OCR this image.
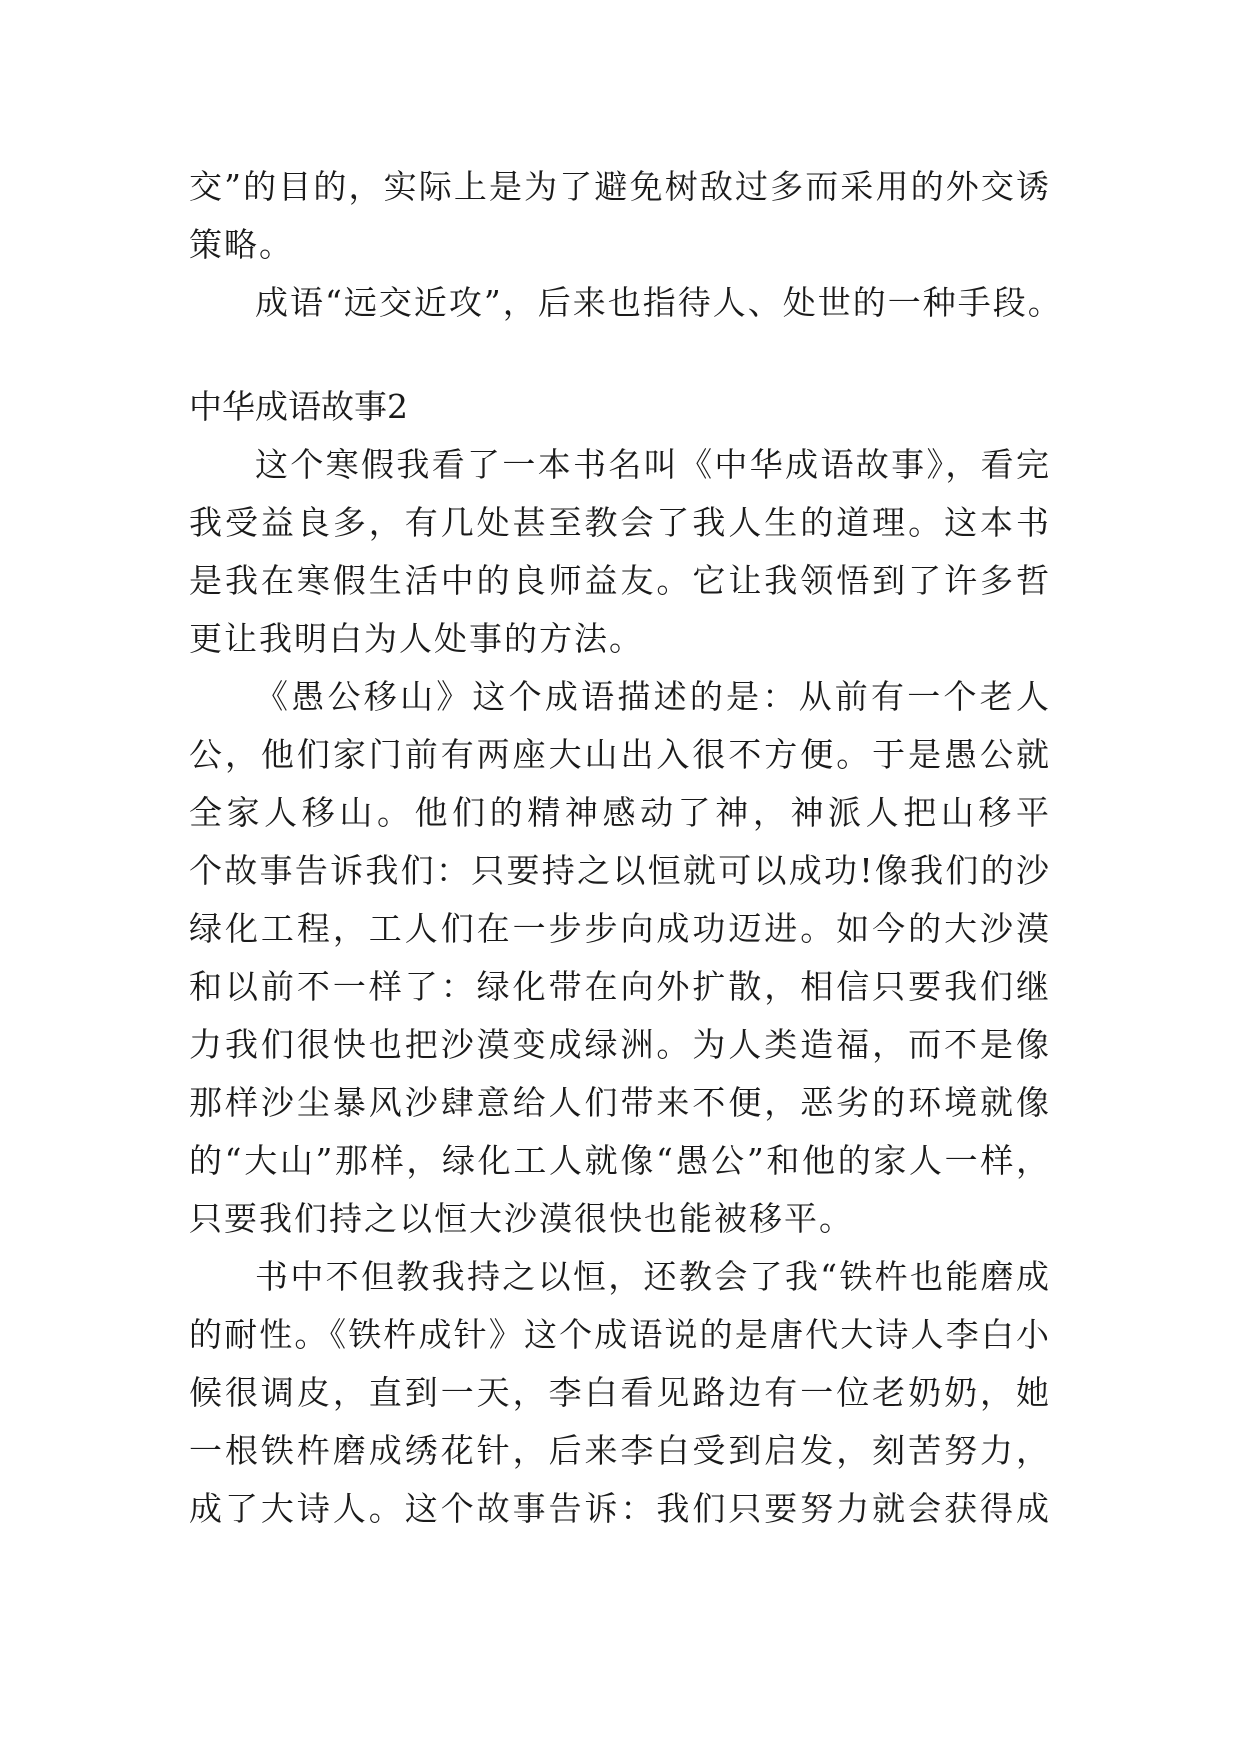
交”的目的，实际上是为了避免树敌过多而采用的外交诱
策略。
成语“远交近攻”，后来也指待人、处世的一种手段。
中华成语故事2
这个寒假我看了一本书名叫《中华成语故事》，看完
我受益良多，有几处甚至教会了我人生的道理。这本书
是我在寒假生活中的良师益友。它让我领悟到了许多哲
更让我明白为人处事的方法。
《愚公移山》这个成语描述的是：从前有一个老人
公，他们家门前有两座大山出入很不方便。于是愚公就
全家人移山。他们的精神感动了神，神派人把山移平
个故事告诉我们：只要持之以恒就可以成功!像我们的沙
绿化工程，工人们在一步步向成功迈进。如今的大沙漠
和以前不一样了：绿化带在向外扩散，相信只要我们继
力我们很快也把沙漠变成绿洲。为人类造福，而不是像
那样沙尘暴风沙肆意给人们带来不便，恶劣的环境就像
的“大山”那样，绿化工人就像“愚公”和他的家人一样，
只要我们持之以恒大沙漠很快也能被移平。
书中不但教我持之以恒，还教会了我“铁杵也能磨成
的耐性。《铁杵成针》这个成语说的是唐代大诗人李白小
候很调皮，直到一天，李白看见路边有一位老奶奶，她
一根铁杵磨成绣花针，后来李白受到启发，刻苦努力，
成了大诗人。这个故事告诉：我们只要努力就会获得成
